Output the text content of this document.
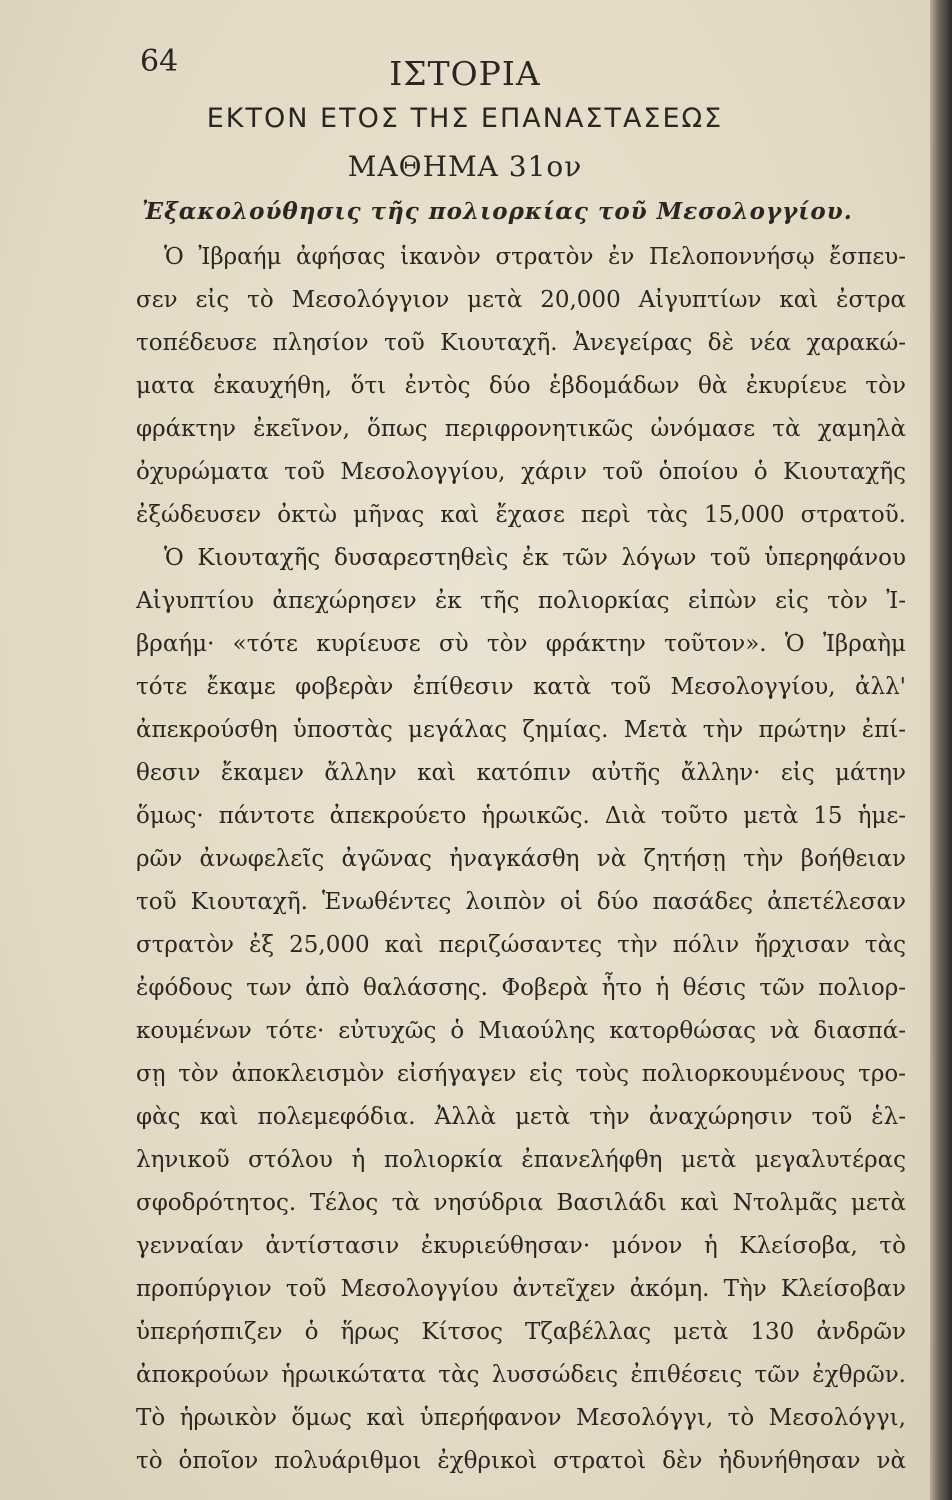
64	ΙΣΤΟΡΙΑ
ΕΚΤΟΝ ΕΤΟΣ ΤΗΣ ΕΠΑΝΑΣΤΑΣΕΩΣ
ΜΑΘΗΜΑ 31ον
Ἐξακολούθησις τῆς πολιορκίας τοῦ Μεσολογγίου.
Ὁ Ἰβραήμ ἀφήσας ἱκανὸν στρατὸν ἐν Πελοποννήσῳ ἔσπευ-
σεν εἰς τὸ Μεσολόγγιον μετὰ 20,000 Αἰγυπτίων καὶ ἐστρα
τοπέδευσε πλησίον τοῦ Κιουταχῆ. Ἀνεγείρας δὲ νέα χαρακώ-
ματα ἐκαυχήθη, ὅτι ἐντὸς δύο ἑβδομάδων θὰ ἐκυρίευε τὸν
φράκτην ἐκεῖνον, ὅπως περιφρονητικῶς ὠνόμασε τὰ χαμηλὰ
ὀχυρώματα τοῦ Μεσολογγίου, χάριν τοῦ ὁποίου ὁ Κιουταχῆς
ἐξώδευσεν ὀκτὼ μῆνας καὶ ἔχασε περὶ τὰς 15,000 στρατοῦ.
Ὁ Κιουταχῆς δυσαρεστηθεὶς ἐκ τῶν λόγων τοῦ ὑπερηφάνου
Αἰγυπτίου ἀπεχώρησεν ἐκ τῆς πολιορκίας εἰπὼν εἰς τὸν Ἰ-
βραήμ· «τότε κυρίευσε σὺ τὸν φράκτην τοῦτον». Ὁ Ἰβραὴμ
τότε ἔκαμε φοβερὰν ἐπίθεσιν κατὰ τοῦ Μεσολογγίου, ἀλλ'
ἀπεκρούσθη ὑποστὰς μεγάλας ζημίας. Μετὰ τὴν πρώτην ἐπί-
θεσιν ἔκαμεν ἄλλην καὶ κατόπιν αὐτῆς ἄλλην· εἰς μάτην
ὅμως· πάντοτε ἀπεκρούετο ἡρωικῶς. Διὰ τοῦτο μετὰ 15 ἡμε-
ρῶν ἀνωφελεῖς ἀγῶνας ἠναγκάσθη νὰ ζητήσῃ τὴν βοήθειαν
τοῦ Κιουταχῆ. Ἑνωθέντες λοιπὸν οἱ δύο πασάδες ἀπετέλεσαν
στρατὸν ἐξ 25,000 καὶ περιζώσαντες τὴν πόλιν ἤρχισαν τὰς
ἐφόδους των ἀπὸ θαλάσσης. Φοβερὰ ἦτο ἡ θέσις τῶν πολιορ-
κουμένων τότε· εὐτυχῶς ὁ Μιαούλης κατορθώσας νὰ διασπά-
σῃ τὸν ἀποκλεισμὸν εἰσήγαγεν εἰς τοὺς πολιορκουμένους τρο-
φὰς καὶ πολεμεφόδια. Ἀλλὰ μετὰ τὴν ἀναχώρησιν τοῦ ἑλ-
ληνικοῦ στόλου ἡ πολιορκία ἐπανελήφθη μετὰ μεγαλυτέρας
σφοδρότητος. Τέλος τὰ νησύδρια Βασιλάδι καὶ Ντολμᾶς μετὰ
γενναίαν ἀντίστασιν ἐκυριεύθησαν· μόνον ἡ Κλείσοβα, τὸ
προπύργιον τοῦ Μεσολογγίου ἀντεῖχεν ἀκόμη. Τὴν Κλείσοβαν
ὑπερήσπιζεν ὁ ἥρως Κίτσος Τζαβέλλας μετὰ 130 ἀνδρῶν
ἀποκρούων ἡρωικώτατα τὰς λυσσώδεις ἐπιθέσεις τῶν ἐχθρῶν.
Τὸ ἡρωικὸν ὅμως καὶ ὑπερήφανον Μεσολόγγι, τὸ Μεσολόγγι,
τὸ ὁποῖον πολυάριθμοι ἐχθρικοὶ στρατοὶ δὲν ἠδυνήθησαν νὰ
